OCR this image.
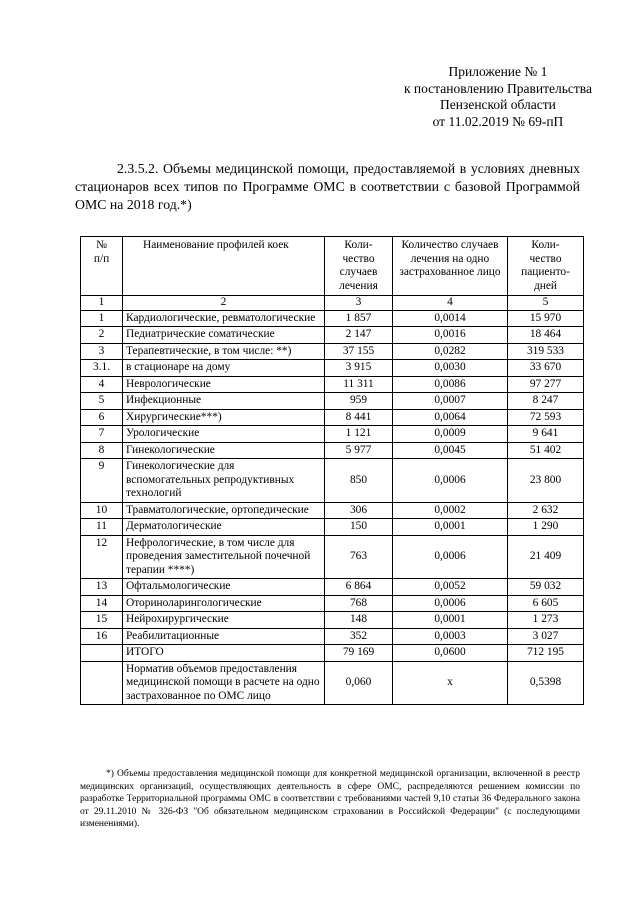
Приложение № 1
к постановлению Правительства
Пензенской области
от 11.02.2019 № 69-пП
2.3.5.2. Объемы медицинской помощи, предоставляемой в условиях дневных стационаров всех типов по Программе ОМС в соответствии с базовой Программой ОМС на 2018 год.*)
№ п/п	Наименование профилей коек	Коли-чество случаев лечения	Количество случаев лечения на одно застрахованное лицо	Коли-чество пациенто-дней
1	2	3	4	5
1	Кардиологические, ревматологические	1 857	0,0014	15 970
2	Педиатрические соматические	2 147	0,0016	18 464
3	Терапевтические, в том числе: **)	37 155	0,0282	319 533
3.1.	в стационаре на дому	3 915	0,0030	33 670
4	Неврологические	11 311	0,0086	97 277
5	Инфекционные	959	0,0007	8 247
6	Хирургические***)	8 441	0,0064	72 593
7	Урологические	1 121	0,0009	9 641
8	Гинекологические	5 977	0,0045	51 402
9	Гинекологические для вспомогательных репродуктивных технологий	850	0,0006	23 800
10	Травматологические, ортопедические	306	0,0002	2 632
11	Дерматологические	150	0,0001	1 290
12	Нефрологические, в том числе для проведения заместительной почечной терапии ****)	763	0,0006	21 409
13	Офтальмологические	6 864	0,0052	59 032
14	Оториноларингологические	768	0,0006	6 605
15	Нейрохирургические	148	0,0001	1 273
16	Реабилитационные	352	0,0003	3 027
	ИТОГО	79 169	0,0600	712 195
	Норматив объемов предоставления медицинской помощи в расчете на одно застрахованное по ОМС лицо	0,060	х	0,5398
*) Объемы предоставления медицинской помощи для конкретной медицинской организации, включенной в реестр медицинских организаций, осуществляющих деятельность в сфере ОМС, распределяются решением комиссии по разработке Территориальной программы ОМС в соответствии с требованиями частей 9,10 статьи 36 Федерального закона от 29.11.2010 № 326-ФЗ "Об обязательном медицинском страховании в Российской Федерации" (с последующими изменениями).
